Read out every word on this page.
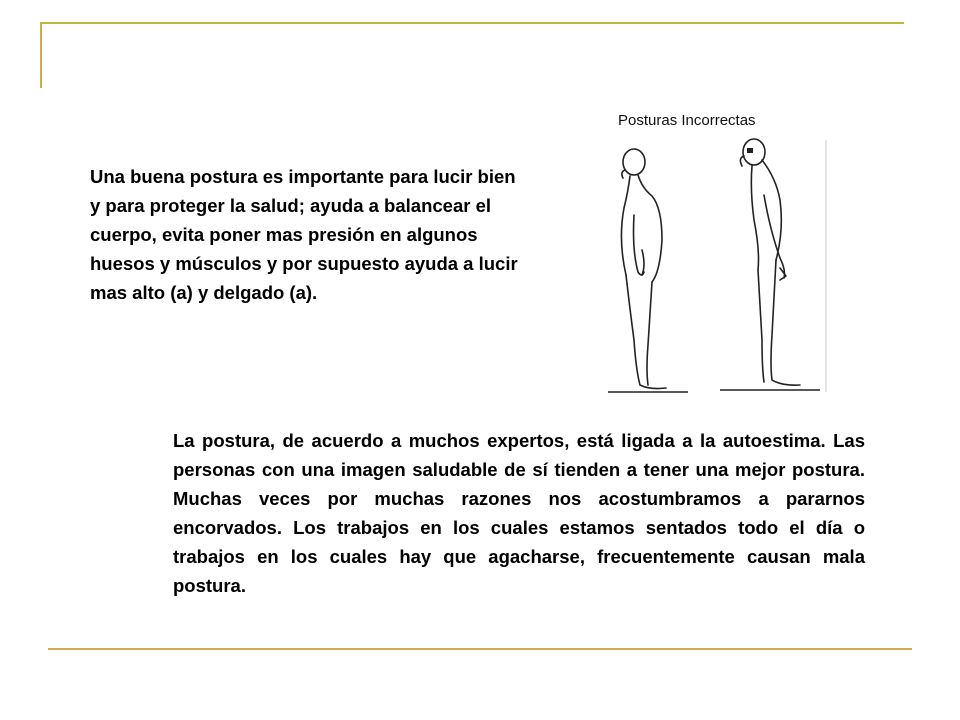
Una buena postura es importante para lucir bien y para proteger la salud; ayuda a balancear el cuerpo, evita poner mas presión en algunos huesos y músculos y por supuesto ayuda a lucir mas alto (a) y delgado (a).

Posturas Incorrectas

La postura, de acuerdo a muchos expertos, está ligada a la autoestima. Las personas con una imagen saludable de sí tienden a tener una mejor postura. Muchas veces por muchas razones nos acostumbramos a pararnos encorvados. Los trabajos en los cuales estamos sentados todo el día o trabajos en los cuales hay que agacharse, frecuentemente causan mala postura.
